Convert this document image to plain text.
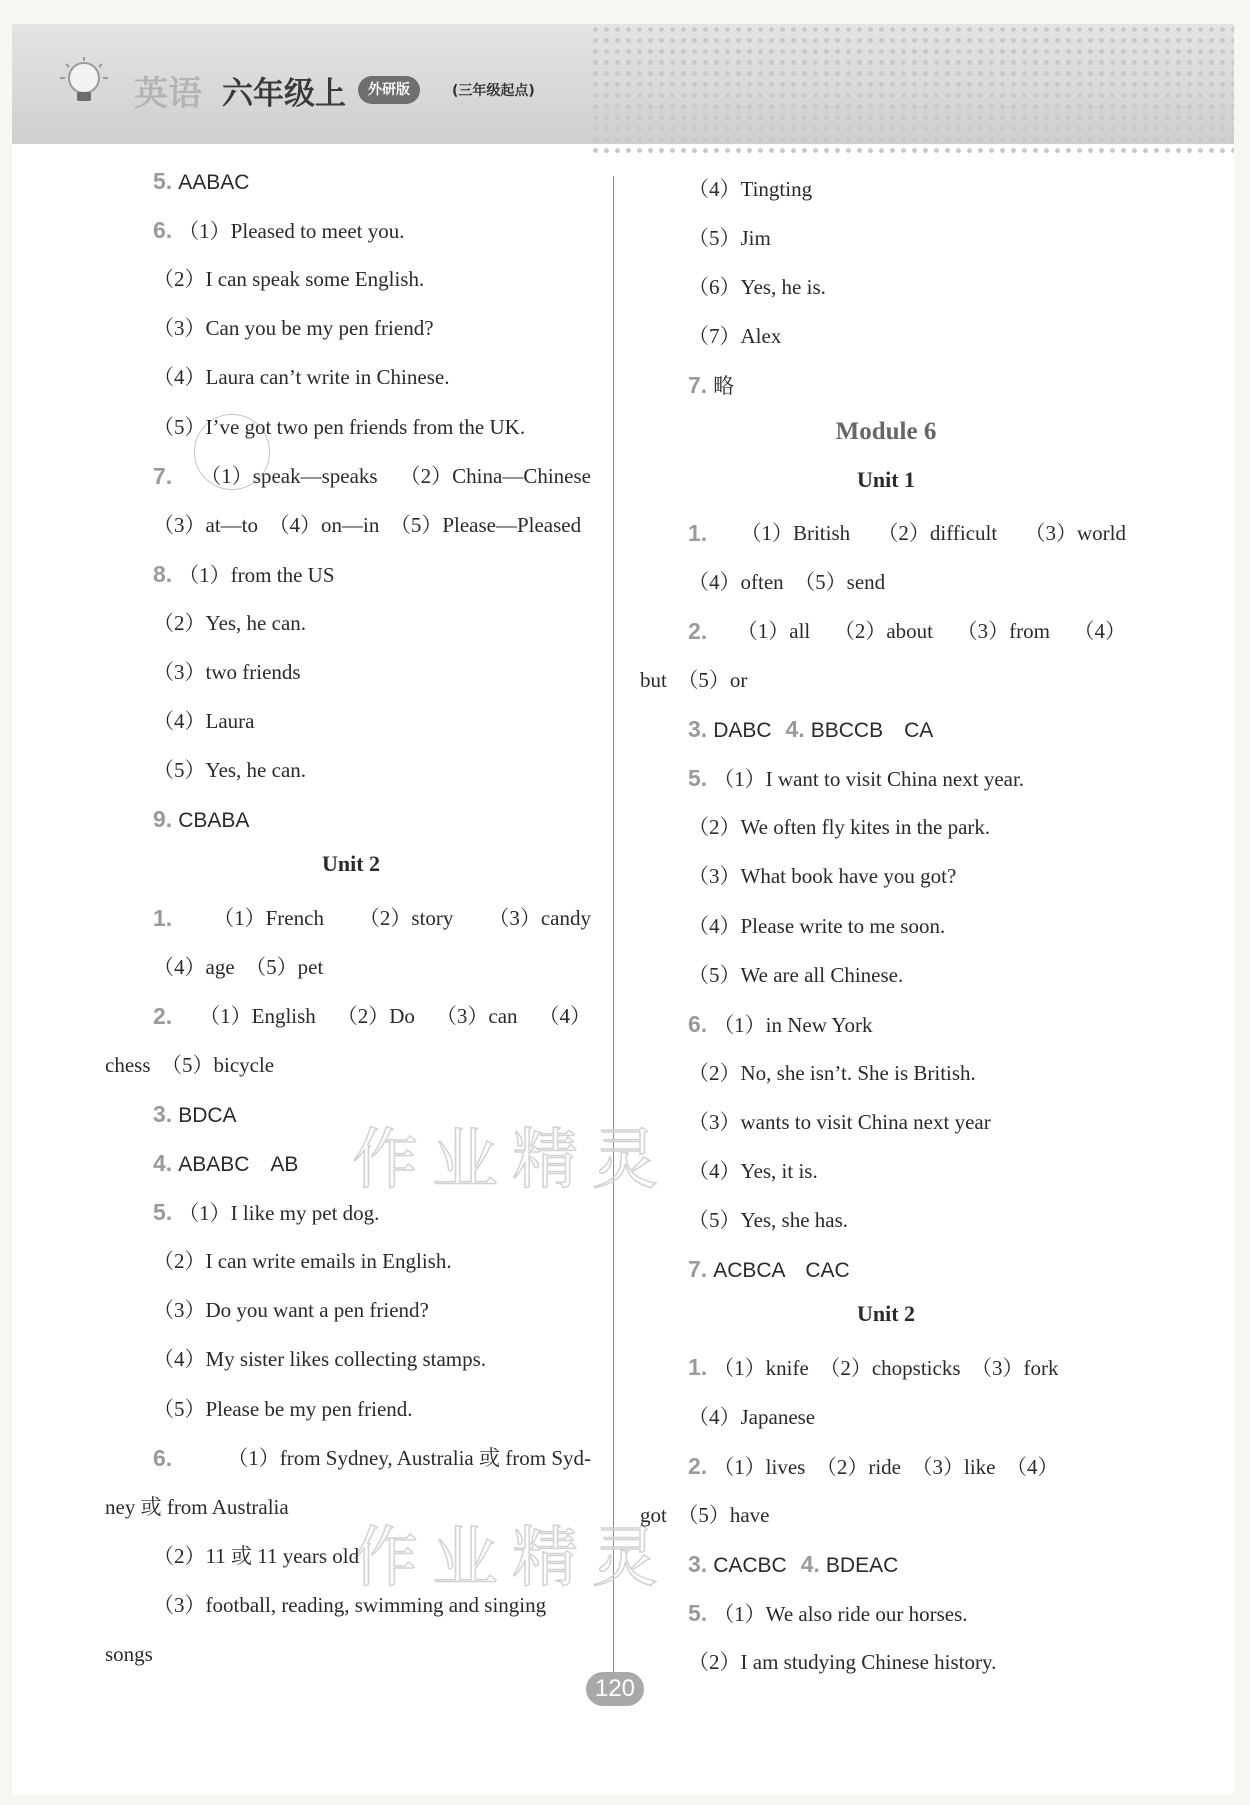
英语 六年级上	外研版	(三年级起点)
作业精灵
作业精灵
5. AABAC
6. （1）Pleased to meet you.
（2）I can speak some English.
（3）Can you be my pen friend?
（4）Laura can’t write in Chinese.
（5）I’ve got two pen friends from the UK.
7. （1）speak—speaks （2）China—Chinese
（3）at—to　（4）on—in　（5）Please—Pleased
8. （1）from the US
（2）Yes, he can.
（3）two friends
（4）Laura
（5）Yes, he can.
9. CBABA
Unit 2
1. （1）French （2）story （3）candy
（4）age　（5）pet
2. （1）English （2）Do （3）can （4）
chess　（5）bicycle
3. BDCA
4. ABABC　AB
5. （1）I like my pet dog.
（2）I can write emails in English.
（3）Do you want a pen friend?
（4）My sister likes collecting stamps.
（5）Please be my pen friend.
6.	（1）from Sydney, Australia 或 from Syd-
ney 或 from Australia
（2）11 或 11 years old
（3）football, reading, swimming and singing
songs
（4）Tingting
（5）Jim
（6）Yes, he is.
（7）Alex
7. 略
Module 6
Unit 1
1. （1）British （2）difficult （3）world
（4）often　（5）send
2. （1）all （2）about （3）from （4）
but　（5）or
3. DABC 4. BBCCB　CA
5. （1）I want to visit China next year.
（2）We often fly kites in the park.
（3）What book have you got?
（4）Please write to me soon.
（5）We are all Chinese.
6. （1）in New York
（2）No, she isn’t. She is British.
（3）wants to visit China next year
（4）Yes, it is.
（5）Yes, she has.
7. ACBCA　CAC
Unit 2
1. （1）knife　（2）chopsticks　（3）fork
（4）Japanese
2. （1）lives　（2）ride　（3）like　（4）
got　（5）have
3. CACBC 4. BDEAC
5. （1）We also ride our horses.
（2）I am studying Chinese history.
120
